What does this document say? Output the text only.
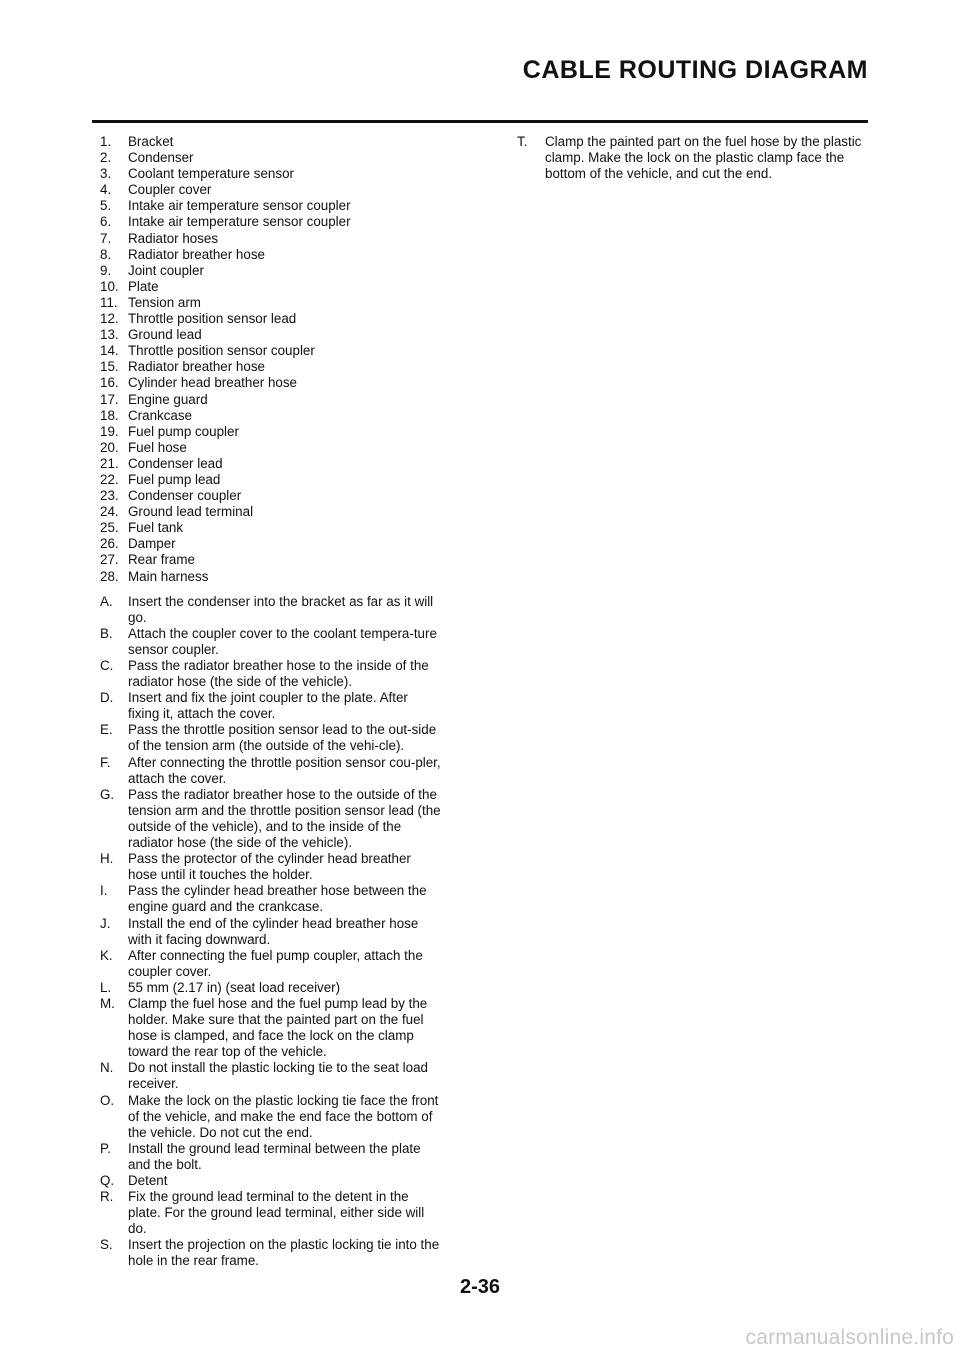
CABLE ROUTING DIAGRAM
1.	Bracket
2.	Condenser
3.	Coolant temperature sensor
4.	Coupler cover
5.	Intake air temperature sensor coupler
6.	Intake air temperature sensor coupler
7.	Radiator hoses
8.	Radiator breather hose
9.	Joint coupler
10. Plate
11. Tension arm
12. Throttle position sensor lead
13. Ground lead
14. Throttle position sensor coupler
15. Radiator breather hose
16. Cylinder head breather hose
17. Engine guard
18. Crankcase
19. Fuel pump coupler
20. Fuel hose
21. Condenser lead
22. Fuel pump lead
23. Condenser coupler
24. Ground lead terminal
25. Fuel tank
26. Damper
27. Rear frame
28. Main harness
A.	Insert the condenser into the bracket as far as it will go.
B.	Attach the coupler cover to the coolant tempera-ture sensor coupler.
C.	Pass the radiator breather hose to the inside of the radiator hose (the side of the vehicle).
D.	Insert and fix the joint coupler to the plate. After fixing it, attach the cover.
E.	Pass the throttle position sensor lead to the out-side of the tension arm (the outside of the vehi-cle).
F.	After connecting the throttle position sensor cou-pler, attach the cover.
G.	Pass the radiator breather hose to the outside of the tension arm and the throttle position sensor lead (the outside of the vehicle), and to the inside of the radiator hose (the side of the vehicle).
H.	Pass the protector of the cylinder head breather hose until it touches the holder.
I.	Pass the cylinder head breather hose between the engine guard and the crankcase.
J.	Install the end of the cylinder head breather hose with it facing downward.
K.	After connecting the fuel pump coupler, attach the coupler cover.
L.	55 mm (2.17 in) (seat load receiver)
M. Clamp the fuel hose and the fuel pump lead by the holder. Make sure that the painted part on the fuel hose is clamped, and face the lock on the clamp toward the rear top of the vehicle.
N.	Do not install the plastic locking tie to the seat load receiver.
O.	Make the lock on the plastic locking tie face the front of the vehicle, and make the end face the bottom of the vehicle. Do not cut the end.
P.	Install the ground lead terminal between the plate and the bolt.
Q.	Detent
R.	Fix the ground lead terminal to the detent in the plate. For the ground lead terminal, either side will do.
S.	Insert the projection on the plastic locking tie into the hole in the rear frame.
T.	Clamp the painted part on the fuel hose by the plastic clamp. Make the lock on the plastic clamp face the bottom of the vehicle, and cut the end.
2-36
carmanualsonline.info
